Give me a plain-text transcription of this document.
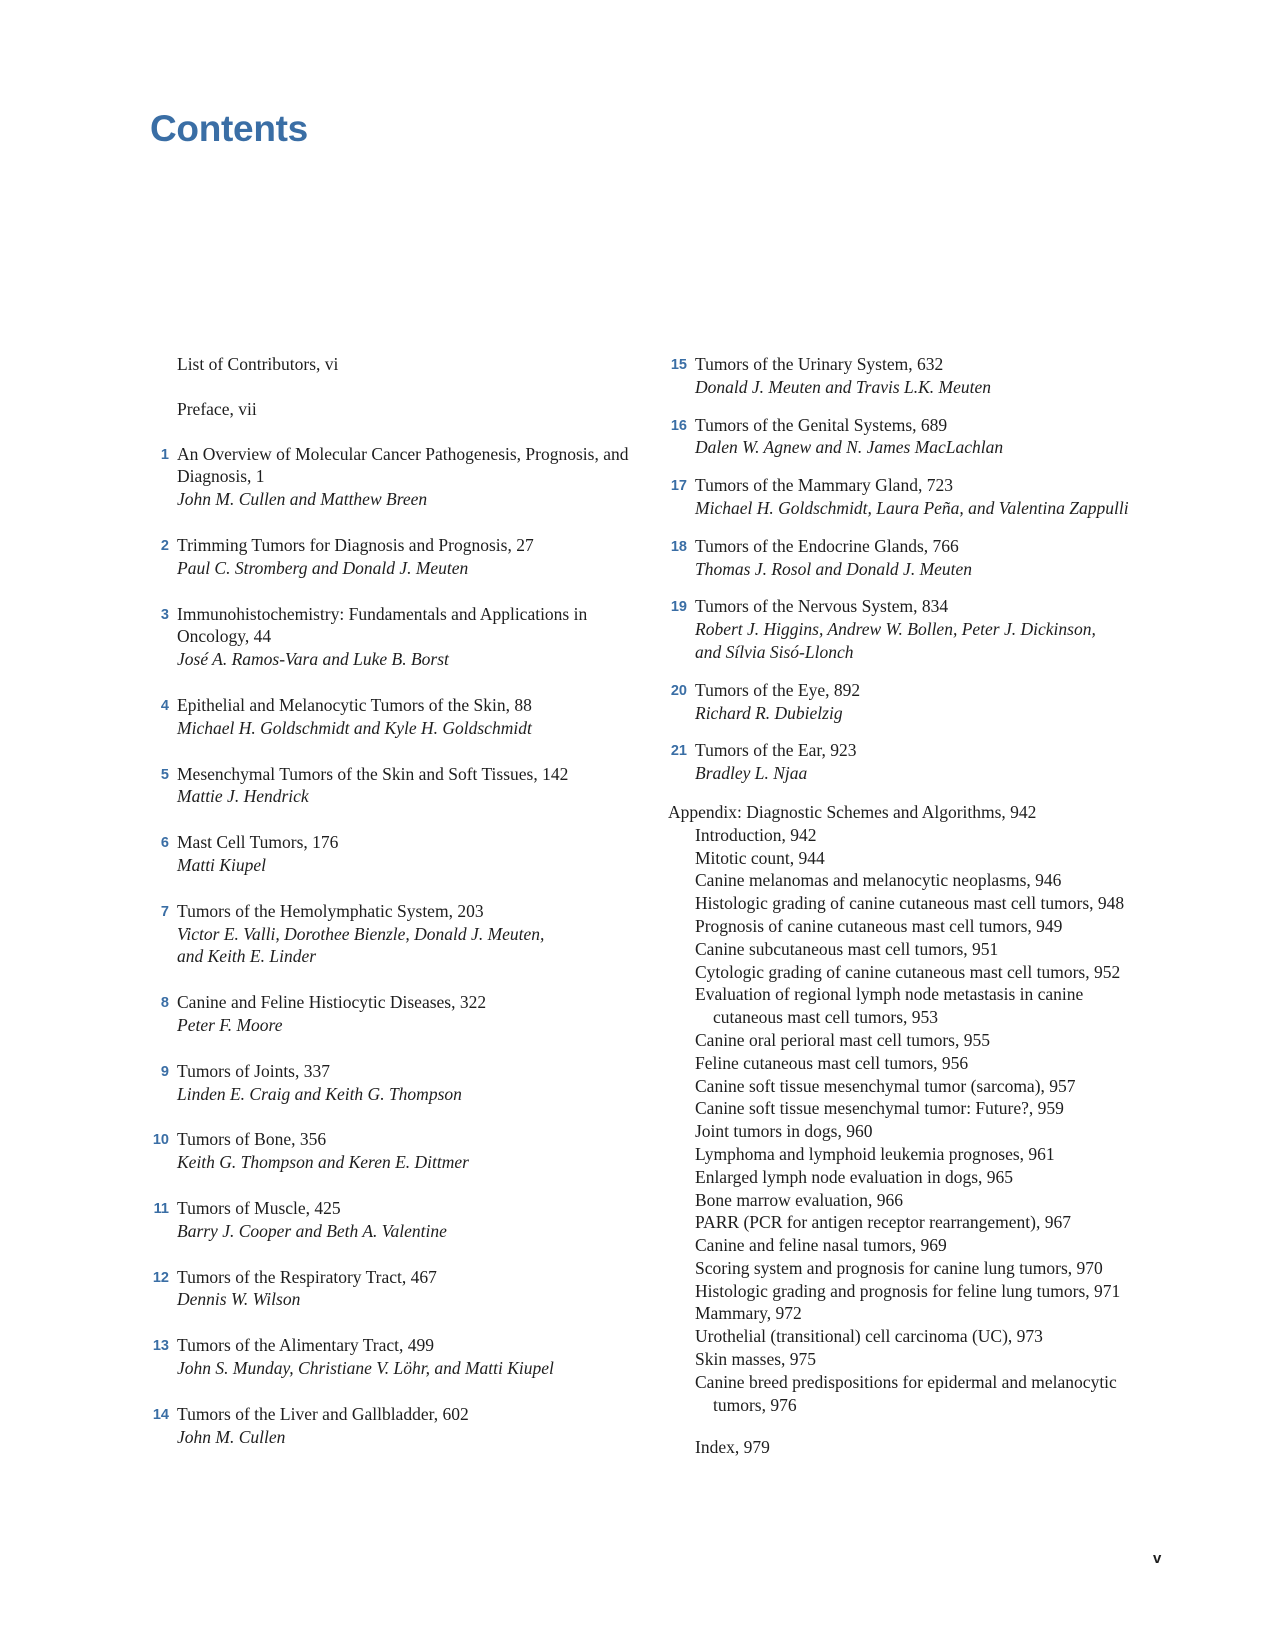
Contents
List of Contributors, vi
Preface, vii
1 An Overview of Molecular Cancer Pathogenesis, Prognosis, and Diagnosis, 1
John M. Cullen and Matthew Breen
2 Trimming Tumors for Diagnosis and Prognosis, 27
Paul C. Stromberg and Donald J. Meuten
3 Immunohistochemistry: Fundamentals and Applications in Oncology, 44
José A. Ramos-Vara and Luke B. Borst
4 Epithelial and Melanocytic Tumors of the Skin, 88
Michael H. Goldschmidt and Kyle H. Goldschmidt
5 Mesenchymal Tumors of the Skin and Soft Tissues, 142
Mattie J. Hendrick
6 Mast Cell Tumors, 176
Matti Kiupel
7 Tumors of the Hemolymphatic System, 203
Victor E. Valli, Dorothee Bienzle, Donald J. Meuten, and Keith E. Linder
8 Canine and Feline Histiocytic Diseases, 322
Peter F. Moore
9 Tumors of Joints, 337
Linden E. Craig and Keith G. Thompson
10 Tumors of Bone, 356
Keith G. Thompson and Keren E. Dittmer
11 Tumors of Muscle, 425
Barry J. Cooper and Beth A. Valentine
12 Tumors of the Respiratory Tract, 467
Dennis W. Wilson
13 Tumors of the Alimentary Tract, 499
John S. Munday, Christiane V. Löhr, and Matti Kiupel
14 Tumors of the Liver and Gallbladder, 602
John M. Cullen
15 Tumors of the Urinary System, 632
Donald J. Meuten and Travis L.K. Meuten
16 Tumors of the Genital Systems, 689
Dalen W. Agnew and N. James MacLachlan
17 Tumors of the Mammary Gland, 723
Michael H. Goldschmidt, Laura Peña, and Valentina Zappulli
18 Tumors of the Endocrine Glands, 766
Thomas J. Rosol and Donald J. Meuten
19 Tumors of the Nervous System, 834
Robert J. Higgins, Andrew W. Bollen, Peter J. Dickinson, and Sílvia Sisó-Llonch
20 Tumors of the Eye, 892
Richard R. Dubielzig
21 Tumors of the Ear, 923
Bradley L. Njaa
Appendix: Diagnostic Schemes and Algorithms, 942
Introduction, 942
Mitotic count, 944
Canine melanomas and melanocytic neoplasms, 946
Histologic grading of canine cutaneous mast cell tumors, 948
Prognosis of canine cutaneous mast cell tumors, 949
Canine subcutaneous mast cell tumors, 951
Cytologic grading of canine cutaneous mast cell tumors, 952
Evaluation of regional lymph node metastasis in canine cutaneous mast cell tumors, 953
Canine oral perioral mast cell tumors, 955
Feline cutaneous mast cell tumors, 956
Canine soft tissue mesenchymal tumor (sarcoma), 957
Canine soft tissue mesenchymal tumor: Future?, 959
Joint tumors in dogs, 960
Lymphoma and lymphoid leukemia prognoses, 961
Enlarged lymph node evaluation in dogs, 965
Bone marrow evaluation, 966
PARR (PCR for antigen receptor rearrangement), 967
Canine and feline nasal tumors, 969
Scoring system and prognosis for canine lung tumors, 970
Histologic grading and prognosis for feline lung tumors, 971
Mammary, 972
Urothelial (transitional) cell carcinoma (UC), 973
Skin masses, 975
Canine breed predispositions for epidermal and melanocytic tumors, 976
Index, 979
v
